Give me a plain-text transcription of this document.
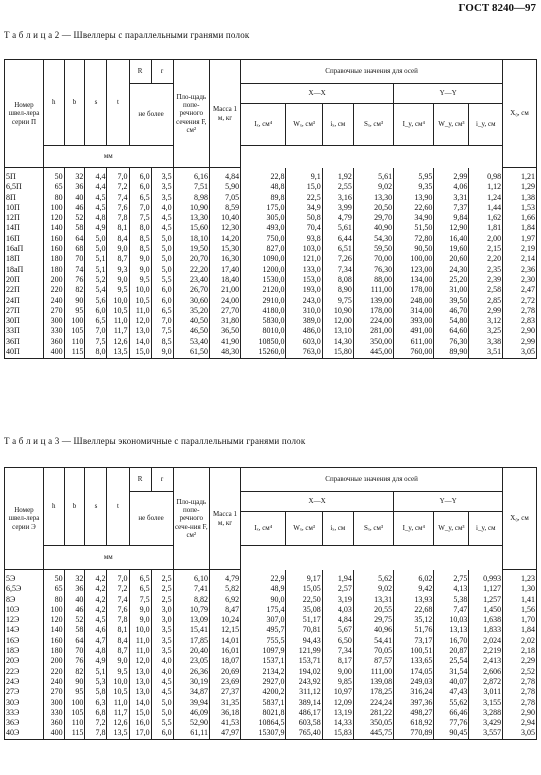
ГОСТ 8240—97
Т а б л и ц а 2 — Швеллеры с параллельными гранями полок
Номер швел-лера серии П	h	b	s	t	R	r	Пло-щадь попе-речного сечения F, см²	Масса 1 м, кг	Справочные значения для осей							X₀, см
					не более				X—X				Y—Y			
									Iₓ, см⁴	Wₓ, см³	iₓ, см	Sₓ, см³	I_y, см⁴	W_y, см³	i_y, см	
	мм															

5П	50	32	4,4	7,0	6,0	3,5	6,16	4,84	22,8	9,1	1,92	5,61	5,95	2,99	0,98	1,21
6,5П	65	36	4,4	7,2	6,0	3,5	7,51	5,90	48,8	15,0	2,55	9,02	9,35	4,06	1,12	1,29
8П	80	40	4,5	7,4	6,5	3,5	8,98	7,05	89,8	22,5	3,16	13,30	13,90	3,31	1,24	1,38
10П	100	46	4,5	7,6	7,0	4,0	10,90	8,59	175,0	34,9	3,99	20,50	22,60	7,37	1,44	1,53
12П	120	52	4,8	7,8	7,5	4,5	13,30	10,40	305,0	50,8	4,79	29,70	34,90	9,84	1,62	1,66
14П	140	58	4,9	8,1	8,0	4,5	15,60	12,30	493,0	70,4	5,61	40,90	51,50	12,90	1,81	1,84
16П	160	64	5,0	8,4	8,5	5,0	18,10	14,20	750,0	93,8	6,44	54,30	72,80	16,40	2,00	1,97
16аП	160	68	5,0	9,0	8,5	5,0	19,50	15,30	827,0	103,0	6,51	59,50	90,50	19,60	2,15	2,19
18П	180	70	5,1	8,7	9,0	5,0	20,70	16,30	1090,0	121,0	7,26	70,00	100,00	20,60	2,20	2,14
18аП	180	74	5,1	9,3	9,0	5,0	22,20	17,40	1200,0	133,0	7,34	76,30	123,00	24,30	2,35	2,36
20П	200	76	5,2	9,0	9,5	5,5	23,40	18,40	1530,0	153,0	8,08	88,00	134,00	25,20	2,39	2,30
22П	220	82	5,4	9,5	10,0	6,0	26,70	21,00	2120,0	193,0	8,90	111,00	178,00	31,00	2,58	2,47
24П	240	90	5,6	10,0	10,5	6,0	30,60	24,00	2910,0	243,0	9,75	139,00	248,00	39,50	2,85	2,72
27П	270	95	6,0	10,5	11,0	6,5	35,20	27,70	4180,0	310,0	10,90	178,00	314,00	46,70	2,99	2,78
30П	300	100	6,5	11,0	12,0	7,0	40,50	31,80	5830,0	389,0	12,00	224,00	393,00	54,80	3,12	2,83
33П	330	105	7,0	11,7	13,0	7,5	46,50	36,50	8010,0	486,0	13,10	281,00	491,00	64,60	3,25	2,90
36П	360	110	7,5	12,6	14,0	8,5	53,40	41,90	10850,0	603,0	14,30	350,00	611,00	76,30	3,38	2,99
40П	400	115	8,0	13,5	15,0	9,0	61,50	48,30	15260,0	763,0	15,80	445,00	760,00	89,90	3,51	3,05
Т а б л и ц а 3 — Швеллеры экономичные с параллельными гранями полок
Номер швел-лера серии Э	h	b	s	t	R	r	Пло-щадь попе-речного сече-ния F, см²	Масса 1 м, кг	Справочные значения для осей							X₀, см
					не более				X—X				Y—Y			
									Iₓ, см⁴	Wₓ, см³	iₓ, см	Sₓ, см³	I_y, см⁴	W_y, см³	i_y, см	
	мм															

5Э	50	32	4,2	7,0	6,5	2,5	6,10	4,79	22,9	9,17	1,94	5,62	6,02	2,75	0,993	1,23
6,5Э	65	36	4,2	7,2	6,5	2,5	7,41	5,82	48,9	15,05	2,57	9,02	9,42	4,13	1,127	1,30
8Э	80	40	4,2	7,4	7,5	2,5	8,82	6,92	90,0	22,50	3,19	13,31	13,93	5,38	1,257	1,41
10Э	100	46	4,2	7,6	9,0	3,0	10,79	8,47	175,4	35,08	4,03	20,55	22,68	7,47	1,450	1,56
12Э	120	52	4,5	7,8	9,0	3,0	13,09	10,24	307,0	51,17	4,84	29,75	35,12	10,03	1,638	1,70
14Э	140	58	4,6	8,1	10,0	3,5	15,41	12,15	495,7	70,81	5,67	40,96	51,76	13,13	1,833	1,84
16Э	160	64	4,7	8,4	11,0	3,5	17,85	14,01	755,5	94,43	6,50	54,41	73,17	16,70	2,024	2,02
18Э	180	70	4,8	8,7	11,0	3,5	20,40	16,01	1097,9	121,99	7,34	70,05	100,51	20,87	2,219	2,18
20Э	200	76	4,9	9,0	12,0	4,0	23,05	18,07	1537,1	153,71	8,17	87,57	133,65	25,54	2,413	2,29
22Э	220	82	5,1	9,5	13,0	4,0	26,36	20,69	2134,2	194,02	9,00	111,00	174,05	31,54	2,606	2,52
24Э	240	90	5,3	10,0	13,0	4,5	30,19	23,69	2927,0	243,92	9,85	139,08	249,03	40,07	2,872	2,78
27Э	270	95	5,8	10,5	13,0	4,5	34,87	27,37	4200,2	311,12	10,97	178,25	316,24	47,43	3,011	2,78
30Э	300	100	6,3	11,0	14,0	5,0	39,94	31,35	5837,1	389,14	12,09	224,24	397,36	55,62	3,155	2,78
33Э	330	105	6,8	11,7	15,0	5,0	46,09	36,18	8021,8	486,17	13,19	281,22	498,27	66,46	3,288	2,90
36Э	360	110	7,2	12,6	16,0	5,5	52,90	41,53	10864,5	603,58	14,33	350,05	618,92	77,76	3,429	2,94
40Э	400	115	7,8	13,5	17,0	6,0	61,11	47,97	15307,9	765,40	15,83	445,75	770,89	90,45	3,557	3,05
